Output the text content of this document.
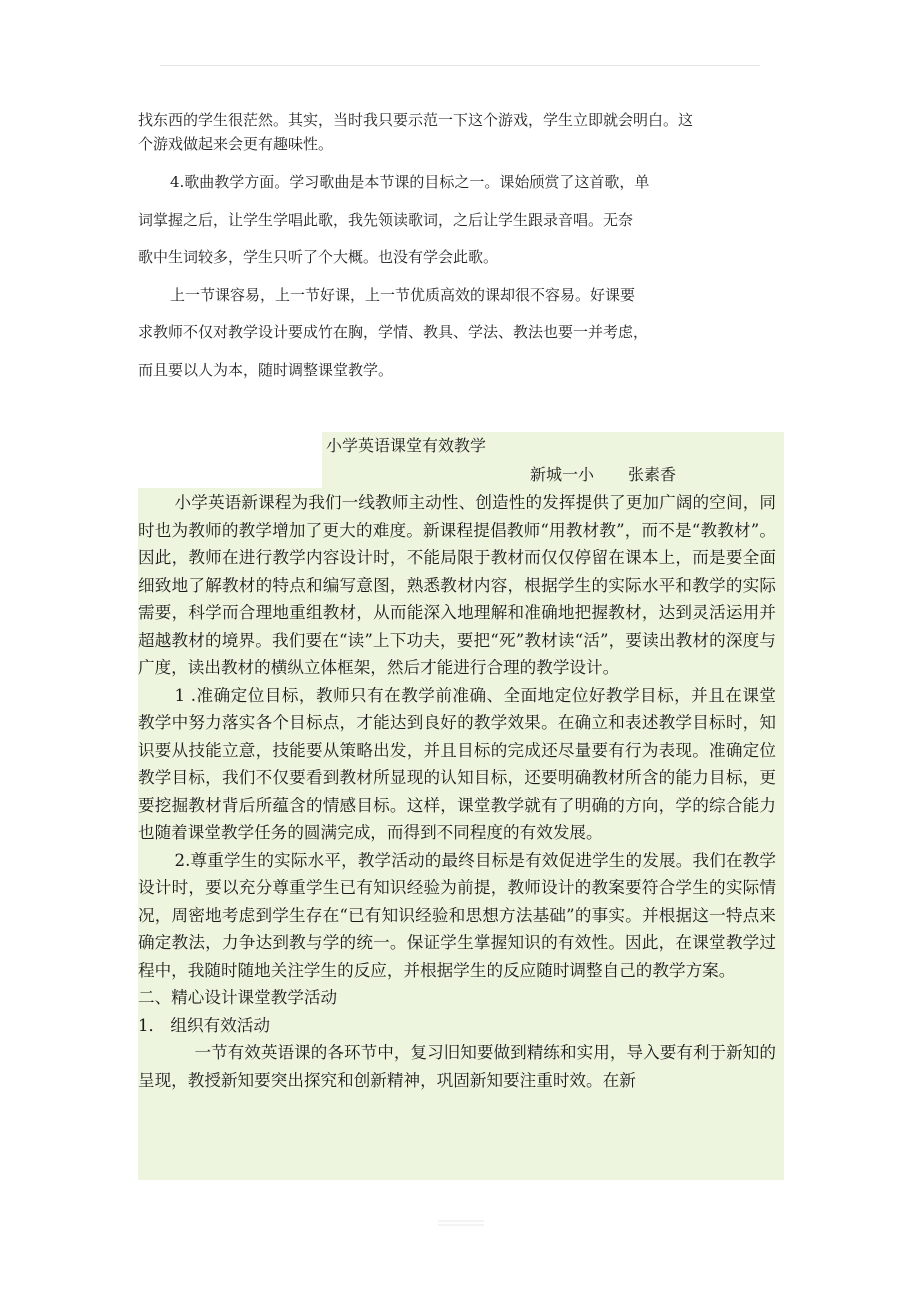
找东西的学生很茫然。其实，当时我只要示范一下这个游戏，学生立即就会明白。这

个游戏做起来会更有趣味性。

4.歌曲教学方面。学习歌曲是本节课的目标之一。课始颀赏了这首歌，单

词掌握之后，让学生学唱此歌，我先领读歌词，之后让学生跟录音唱。无奈

歌中生词较多，学生只听了个大概。也没有学会此歌。

上一节课容易，上一节好课，上一节优质高效的课却很不容易。好课要

求教师不仅对教学设计要成竹在胸，学情、教具、学法、教法也要一并考虑，

而且要以人为本，随时调整课堂教学。

小学英语课堂有效教学
新城一小 张素香

小学英语新课程为我们一线教师主动性、创造性的发挥提供了更加广阔的空间，同时也为教师的教学增加了更大的难度。新课程提倡教师“用教材教”，而不是“教教材”。因此，教师在进行教学内容设计时，不能局限于教材而仅仅停留在课本上，而是要全面细致地了解教材的特点和编写意图，熟悉教材内容，根据学生的实际水平和教学的实际需要，科学而合理地重组教材，从而能深入地理解和准确地把握教材，达到灵活运用并超越教材的境界。我们要在“读”上下功夫，要把“死”教材读“活”，要读出教材的深度与广度，读出教材的横纵立体框架，然后才能进行合理的教学设计。

1 .准确定位目标，教师只有在教学前准确、全面地定位好教学目标，并且在课堂教学中努力落实各个目标点，才能达到良好的教学效果。在确立和表述教学目标时，知识要从技能立意，技能要从策略出发，并且目标的完成还尽量要有行为表现。准确定位教学目标，我们不仅要看到教材所显现的认知目标，还要明确教材所含的能力目标，更要挖掘教材背后所蕴含的情感目标。这样，课堂教学就有了明确的方向，学的综合能力也随着课堂教学任务的圆满完成，而得到不同程度的有效发展。

2.尊重学生的实际水平，教学活动的最终目标是有效促进学生的发展。我们在教学设计时，要以充分尊重学生已有知识经验为前提，教师设计的教案要符合学生的实际情况，周密地考虑到学生存在“已有知识经验和思想方法基础”的事实。并根据这一特点来确定教法，力争达到教与学的统一。保证学生掌握知识的有效性。因此，在课堂教学过程中，我随时随地关注学生的反应，并根据学生的反应随时调整自己的教学方案。

二、精心设计课堂教学活动

1． 组织有效活动

一节有效英语课的各环节中，复习旧知要做到精练和实用，导入要有利于新知的呈现，教授新知要突出探究和创新精神，巩固新知要注重时效。在新
